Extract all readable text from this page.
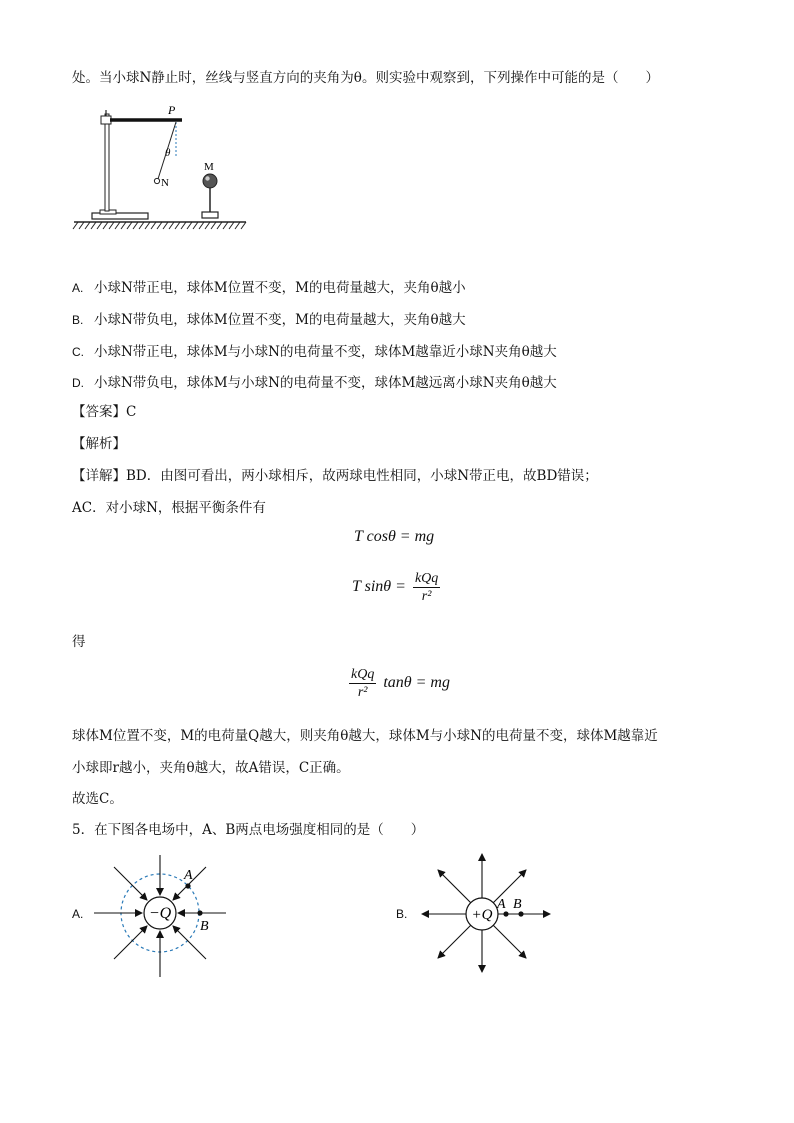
处。当小球N静止时，丝线与竖直方向的夹角为θ。则实验中观察到，下列操作中可能的是（　　）
P
θ
N
M
A. 小球N带正电，球体M位置不变，M的电荷量越大，夹角θ越小
B. 小球N带负电，球体M位置不变，M的电荷量越大，夹角θ越大
C. 小球N带正电，球体M与小球N的电荷量不变，球体M越靠近小球N夹角θ越大
D. 小球N带负电，球体M与小球N的电荷量不变，球体M越远离小球N夹角θ越大
【答案】C
【解析】
【详解】BD．由图可看出，两小球相斥，故两球电性相同，小球N带正电，故BD错误；
AC．对小球N，根据平衡条件有
T cosθ = mg
T $\sin\theta = \frac{\text{kQq}}{\text{r²}}$
得
$\frac{\text{kQq}}{\text{r²}}$ tanθ = mg
球体M位置不变，M的电荷量Q越大，则夹角θ越大，球体M与小球N的电荷量不变，球体M越靠近
小球即r越小，夹角θ越大，故A错误，C正确。
故选C。
5．在下图各电场中，A、B两点电场强度相同的是（　　）
A.	−Q
A
B
B.	+Q
A B
